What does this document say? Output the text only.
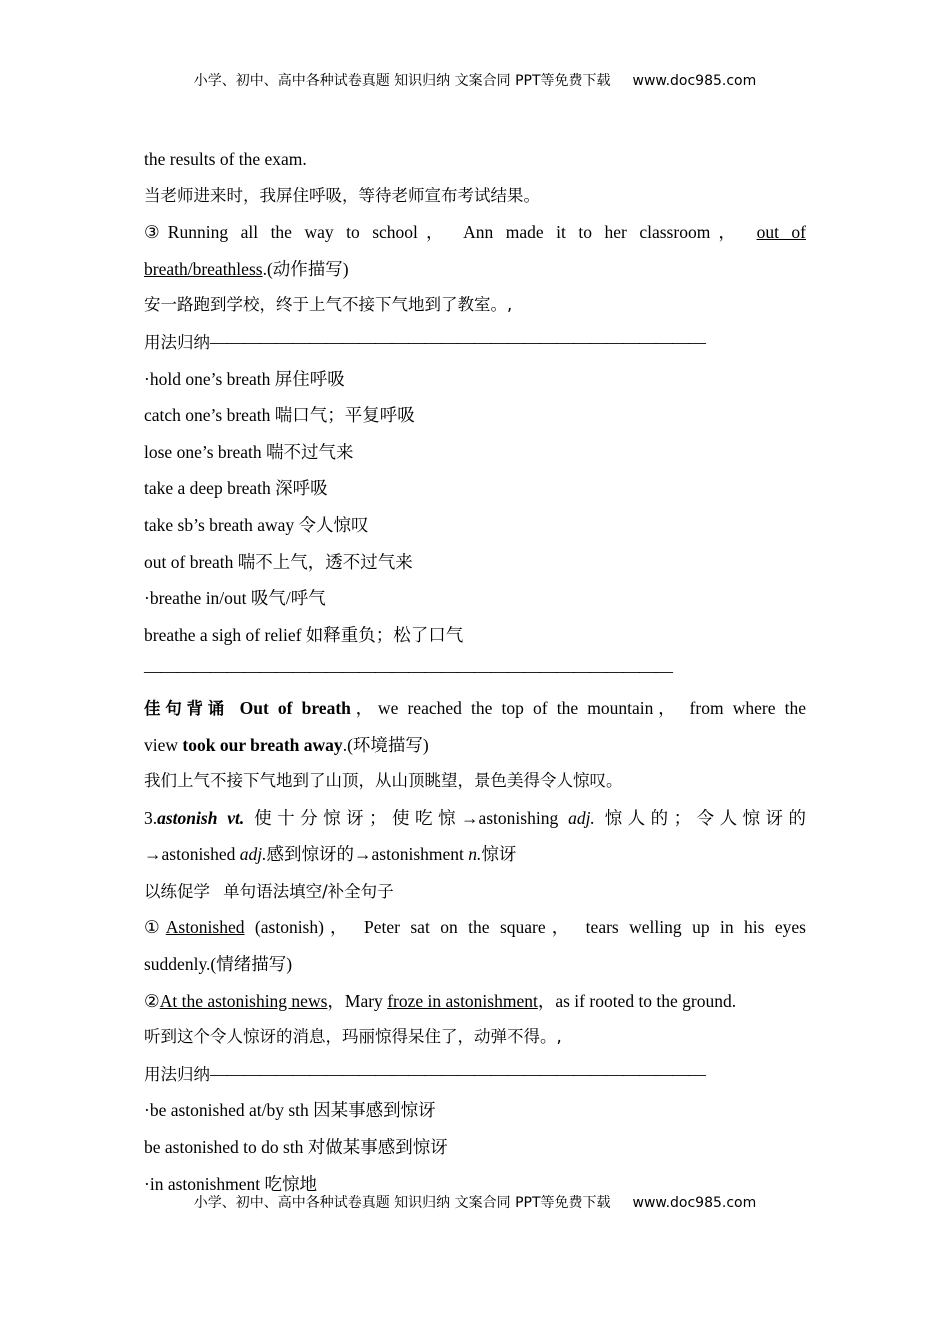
小学、初中、高中各种试卷真题 知识归纳 文案合同 PPT等免费下载 www.doc985.com
the results of the exam.
当老师进来时，我屏住呼吸，等待老师宣布考试结果。
③Running all the way to school， Ann made it to her classroom， out of
breath/breathless.(动作描写)
安一路跑到学校，终于上气不接下气地到了教室。,
用法归纳——————————————————————————————
·hold one’s breath 屏住呼吸
catch one’s breath 喘口气；平复呼吸
lose one’s breath 喘不过气来
take a deep breath 深呼吸
take sb’s breath away 令人惊叹
out of breath 喘不上气，透不过气来
·breathe in/out 吸气/呼气
breathe a sigh of relief 如释重负；松了口气
————————————————————————————————
佳句背诵 Out of breath，we reached the top of the mountain， from where the
view took our breath away.(环境描写)
我们上气不接下气地到了山顶，从山顶眺望，景色美得令人惊叹。
3.astonish vt. 使十分惊讶；使吃惊→astonishing adj. 惊人的；令人惊讶的
→astonished adj.感到惊讶的→astonishment n.惊讶
以练促学 单句语法填空/补全句子
①Astonished (astonish)， Peter sat on the square， tears welling up in his eyes
suddenly.(情绪描写)
②At the astonishing news，Mary froze in astonishment，as if rooted to the ground.
听到这个令人惊讶的消息，玛丽惊得呆住了，动弹不得。,
用法归纳——————————————————————————————
·be astonished at/by sth 因某事感到惊讶
be astonished to do sth 对做某事感到惊讶
·in astonishment 吃惊地
小学、初中、高中各种试卷真题 知识归纳 文案合同 PPT等免费下载 www.doc985.com
